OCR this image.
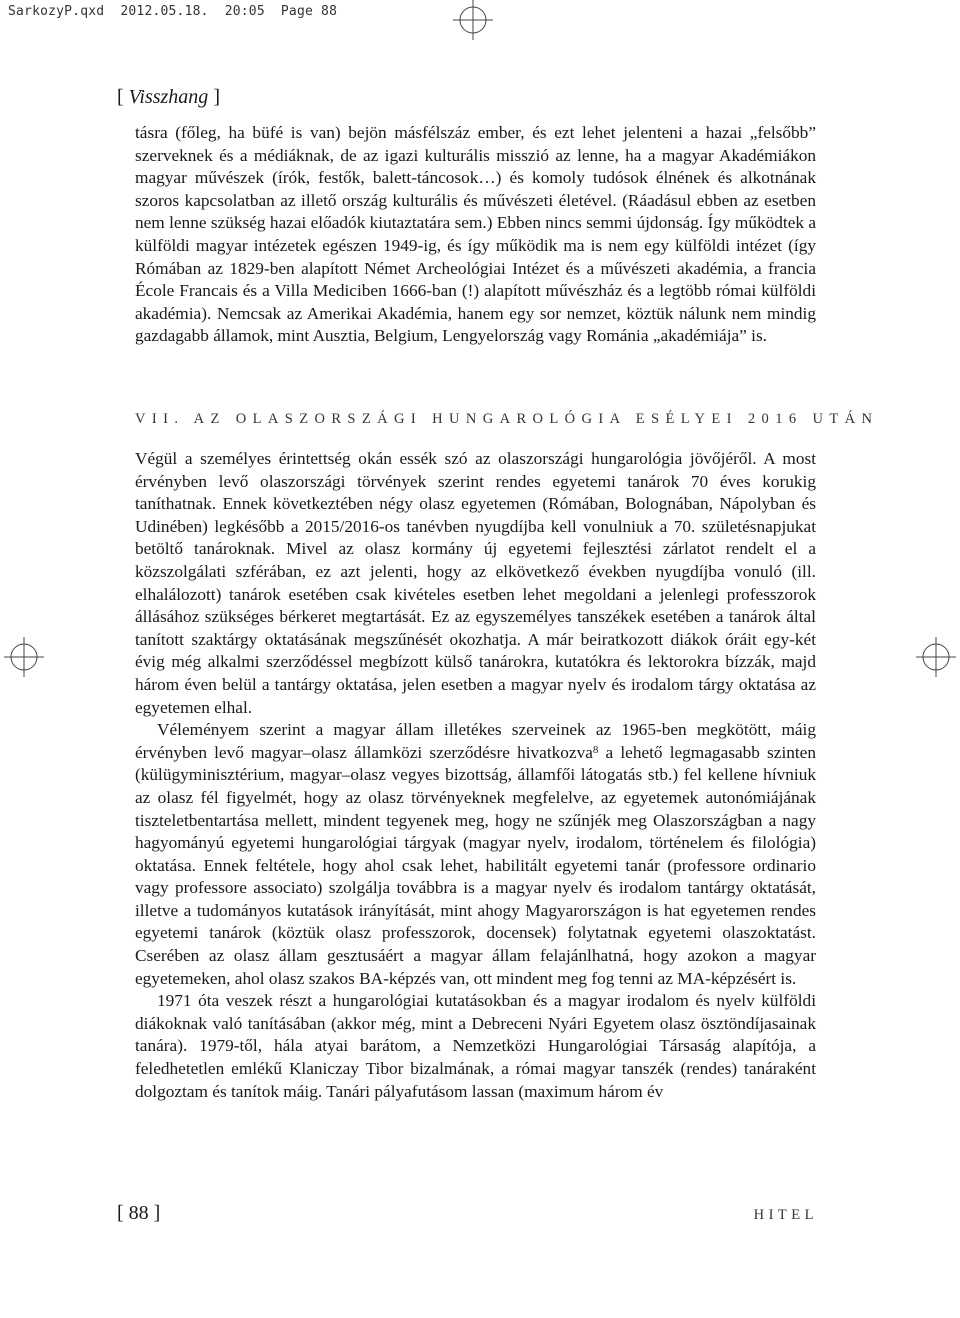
SarkozyP.qxd  2012.05.18.  20:05  Page 88
[ Visszhang ]

tásra (főleg, ha büfé is van) bejön másfélszáz ember, és ezt lehet jelenteni a hazai „felsőbb” szerveknek és a médiáknak, de az igazi kulturális misszió az lenne, ha a magyar Akadémiákon magyar művészek (írók, festők, balett-táncosok…) és komoly tudósok élnének és alkotnának szoros kapcsolatban az illető ország kulturális és művészeti életével. (Ráadásul ebben az esetben nem lenne szükség hazai előadók kiutaztatára sem.) Ebben nincs semmi újdonság. Így működtek a külföldi magyar intézetek egészen 1949-ig, és így működik ma is nem egy külföldi intézet (így Rómában az 1829-ben alapított Német Archeológiai Intézet és a művészeti akadémia, a francia École Francais és a Villa Mediciben 1666-ban (!) alapított művészház és a legtöbb római külföldi akadémia). Nemcsak az Amerikai Akadémia, hanem egy sor nemzet, köztük nálunk nem mindig gazdagabb államok, mint Ausztia, Belgium, Lengyelország vagy Románia „akadémiája” is.

VII. AZ OLASZORSZÁGI HUNGAROLÓGIA ESÉLYEI 2016 UTÁN

Végül a személyes érintettség okán essék szó az olaszországi hungarológia jövőjéről. A most érvényben levő olaszországi törvények szerint rendes egyetemi tanárok 70 éves korukig taníthatnak. Ennek következtében négy olasz egyetemen (Rómában, Bolognában, Nápolyban és Udinében) legkésőbb a 2015/2016-os tanévben nyugdíjba kell vonulniuk a 70. születésnapjukat betöltő tanároknak. Mivel az olasz kormány új egyetemi fejlesztési zárlatot rendelt el a közszolgálati szférában, ez azt jelenti, hogy az elkövetkező években nyugdíjba vonuló (ill. elhalálozott) tanárok esetében csak kivételes esetben lehet megoldani a jelenlegi professzorok állásához szükséges bérkeret megtartását. Ez az egyszemélyes tanszékek esetében a tanárok által tanított szaktárgy oktatásának megszűnését okozhatja. A már beiratkozott diákok óráit egy-két évig még alkalmi szerződéssel megbízott külső tanárokra, kutatókra és lektorokra bízzák, majd három éven belül a tantárgy oktatása, jelen esetben a magyar nyelv és irodalom tárgy oktatása az egyetemen elhal.

Véleményem szerint a magyar állam illetékes szerveinek az 1965-ben megkötött, máig érvényben levő magyar–olasz államközi szerződésre hivatkozva$^8$ a lehető legmagasabb szinten (külügyminisztérium, magyar–olasz vegyes bizottság, államfői látogatás stb.) fel kellene hívniuk az olasz fél figyelmét, hogy az olasz törvényeknek megfelelve, az egyetemek autonómiájának tiszteletbentartása mellett, mindent tegyenek meg, hogy ne szűnjék meg Olaszországban a nagy hagyományú egyetemi hungarológiai tárgyak (magyar nyelv, irodalom, történelem és filológia) oktatása. Ennek feltétele, hogy ahol csak lehet, habilitált egyetemi tanár (professore ordinario vagy professore associato) szolgálja továbbra is a magyar nyelv és irodalom tantárgy oktatását, illetve a tudományos kutatások irányítását, mint ahogy Magyarországon is hat egyetemen rendes egyetemi tanárok (köztük olasz professzorok, docensek) folytatnak egyetemi olaszoktatást. Cserében az olasz állam gesztusáért a magyar állam felajánlhatná, hogy azokon a magyar egyetemeken, ahol olasz szakos BA-képzés van, ott mindent meg fog tenni az MA-képzésért is.

1971 óta veszek részt a hungarológiai kutatásokban és a magyar irodalom és nyelv külföldi diákoknak való tanításában (akkor még, mint a Debreceni Nyári Egyetem olasz ösztöndíjasainak tanára). 1979-től, hála atyai barátom, a Nemzetközi Hungarológiai Társaság alapítója, a feledhetetlen emlékű Klaniczay Tibor bizalmának, a római magyar tanszék (rendes) tanáraként dolgoztam és tanítok máig. Tanári pályafutásom lassan (maximum három év

[ 88 ]	HITEL
